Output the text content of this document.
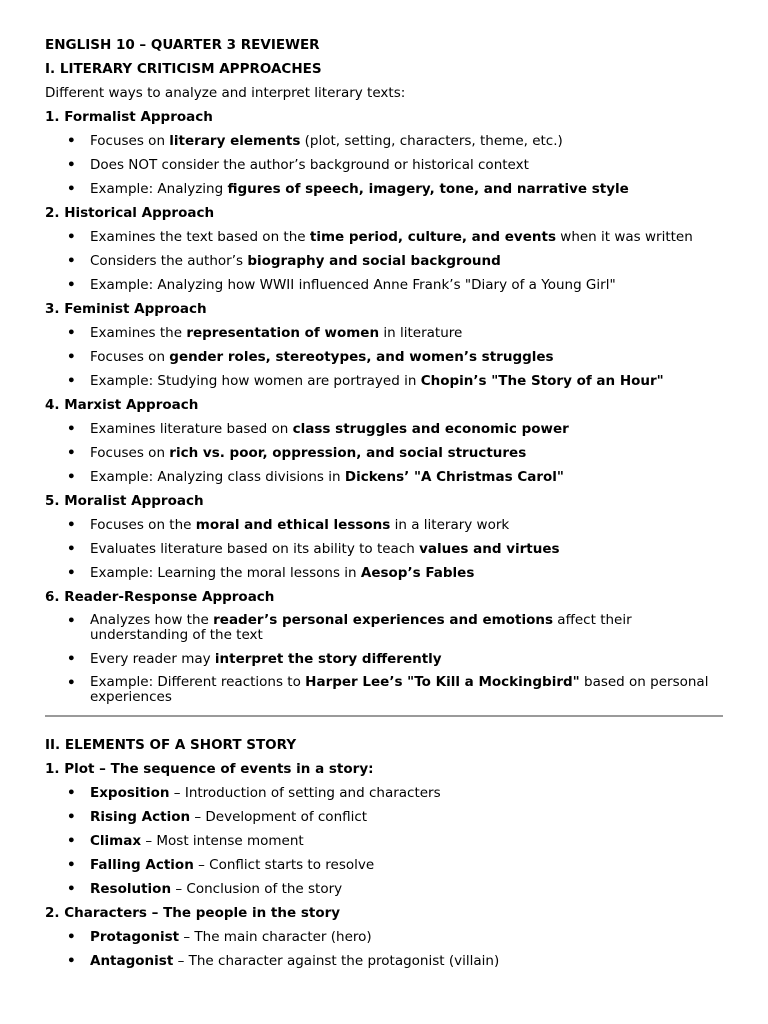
ENGLISH 10 – QUARTER 3 REVIEWER
I. LITERARY CRITICISM APPROACHES
Different ways to analyze and interpret literary texts:
1. Formalist Approach
• Focuses on literary elements (plot, setting, characters, theme, etc.)
• Does NOT consider the author’s background or historical context
• Example: Analyzing figures of speech, imagery, tone, and narrative style
2. Historical Approach
• Examines the text based on the time period, culture, and events when it was written
• Considers the author’s biography and social background
• Example: Analyzing how WWII influenced Anne Frank’s "Diary of a Young Girl"
3. Feminist Approach
• Examines the representation of women in literature
• Focuses on gender roles, stereotypes, and women’s struggles
• Example: Studying how women are portrayed in Chopin’s "The Story of an Hour"
4. Marxist Approach
• Examines literature based on class struggles and economic power
• Focuses on rich vs. poor, oppression, and social structures
• Example: Analyzing class divisions in Dickens’ "A Christmas Carol"
5. Moralist Approach
• Focuses on the moral and ethical lessons in a literary work
• Evaluates literature based on its ability to teach values and virtues
• Example: Learning the moral lessons in Aesop’s Fables
6. Reader-Response Approach
• Analyzes how the reader’s personal experiences and emotions affect their understanding of the text
• Every reader may interpret the story differently
• Example: Different reactions to Harper Lee’s "To Kill a Mockingbird" based on personal experiences
II. ELEMENTS OF A SHORT STORY
1. Plot – The sequence of events in a story:
• Exposition – Introduction of setting and characters
• Rising Action – Development of conflict
• Climax – Most intense moment
• Falling Action – Conflict starts to resolve
• Resolution – Conclusion of the story
2. Characters – The people in the story
• Protagonist – The main character (hero)
• Antagonist – The character against the protagonist (villain)
